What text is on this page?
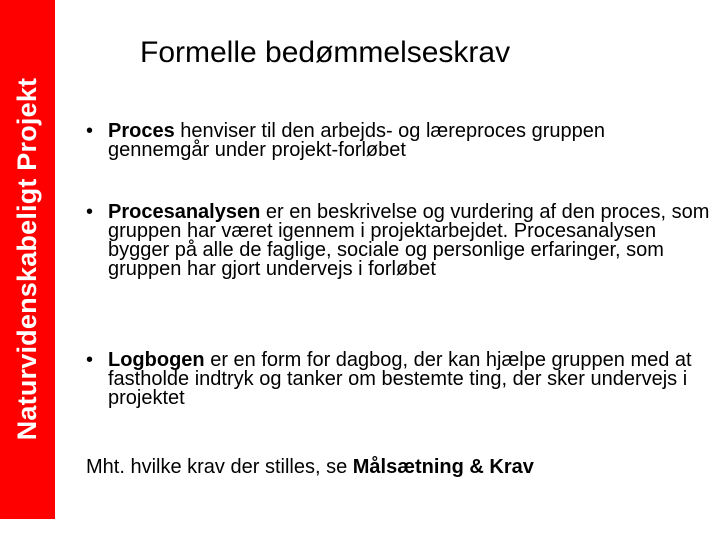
Naturvidenskabeligt Projekt
Formelle bedømmelseskrav
• Proces henviser til den arbejds- og læreproces gruppen gennemgår under projekt-forløbet
• Procesanalysen er en beskrivelse og vurdering af den proces, som gruppen har været igennem i projektarbejdet. Procesanalysen bygger på alle de faglige, sociale og personlige erfaringer, som gruppen har gjort undervejs i forløbet
• Logbogen er en form for dagbog, der kan hjælpe gruppen med at fastholde indtryk og tanker om bestemte ting, der sker undervejs i projektet
Mht. hvilke krav der stilles, se Målsætning & Krav
